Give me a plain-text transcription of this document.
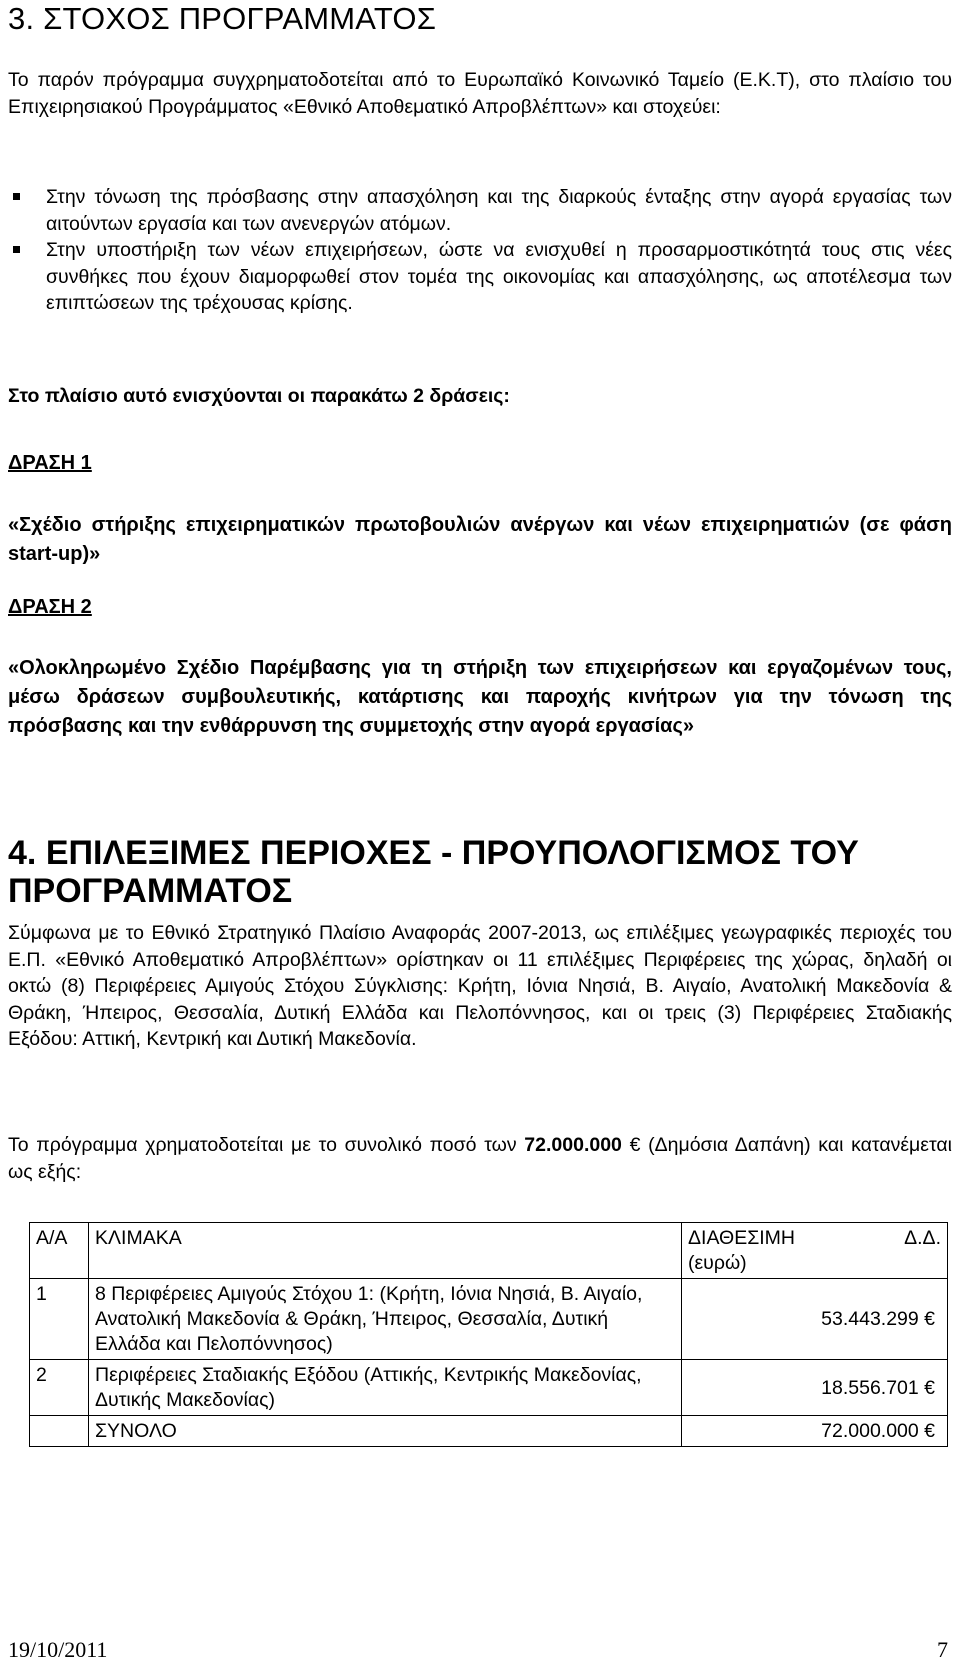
3. ΣΤΟΧΟΣ ΠΡΟΓΡΑΜΜΑΤΟΣ

Το παρόν πρόγραμμα συγχρηματοδοτείται από το Ευρωπαϊκό Κοινωνικό Ταμείο (Ε.Κ.Τ), στο πλαίσιο του Επιχειρησιακού Προγράμματος «Εθνικό Αποθεματικό Απροβλέπτων» και στοχεύει:

Στην τόνωση της πρόσβασης στην απασχόληση και της διαρκούς ένταξης στην αγορά εργασίας των αιτούντων εργασία και των ανενεργών ατόμων.
Στην υποστήριξη των νέων επιχειρήσεων, ώστε να ενισχυθεί η προσαρμοστικότητά τους στις νέες συνθήκες που έχουν διαμορφωθεί στον τομέα της οικονομίας και απασχόλησης, ως αποτέλεσμα των επιπτώσεων της τρέχουσας κρίσης.

Στο πλαίσιο αυτό ενισχύονται οι παρακάτω 2 δράσεις:

ΔΡΑΣΗ 1

«Σχέδιο στήριξης επιχειρηματικών πρωτοβουλιών ανέργων και νέων επιχειρηματιών (σε φάση start-up)»

ΔΡΑΣΗ 2

«Ολοκληρωμένο Σχέδιο Παρέμβασης για τη στήριξη των επιχειρήσεων και εργαζομένων τους, μέσω δράσεων συμβουλευτικής, κατάρτισης και παροχής κινήτρων για την τόνωση της πρόσβασης και την ενθάρρυνση της συμμετοχής στην αγορά εργασίας»

4. ΕΠΙΛΕΞΙΜΕΣ ΠΕΡΙΟΧΕΣ - ΠΡΟΥΠΟΛΟΓΙΣΜΟΣ ΤΟΥ ΠΡΟΓΡΑΜΜΑΤΟΣ

Σύμφωνα με το Εθνικό Στρατηγικό Πλαίσιο Αναφοράς 2007-2013, ως επιλέξιμες γεωγραφικές περιοχές του Ε.Π. «Εθνικό Αποθεματικό Απροβλέπτων» ορίστηκαν οι 11 επιλέξιμες Περιφέρειες της χώρας, δηλαδή οι οκτώ (8) Περιφέρειες Αμιγούς Στόχου Σύγκλισης: Κρήτη, Ιόνια Νησιά, Β. Αιγαίο, Ανατολική Μακεδονία & Θράκη, Ήπειρος, Θεσσαλία, Δυτική Ελλάδα και Πελοπόννησος, και οι τρεις (3) Περιφέρειες Σταδιακής Εξόδου: Αττική, Κεντρική και Δυτική Μακεδονία.

Το πρόγραμμα χρηματοδοτείται με το συνολικό ποσό των 72.000.000 € (Δημόσια Δαπάνη) και κατανέμεται ως εξής:

Α/Α	ΚΛΙΜΑΚΑ	ΔΙΑΘΕΣΙΜΗ Δ.Δ.
(ευρώ)

1	8 Περιφέρειες Αμιγούς Στόχου 1: (Κρήτη, Ιόνια Νησιά, Β. Αιγαίο, Ανατολική Μακεδονία & Θράκη, Ήπειρος, Θεσσαλία, Δυτική Ελλάδα και Πελοπόννησος)	53.443.299 €
2	Περιφέρειες Σταδιακής Εξόδου (Αττικής, Κεντρικής Μακεδονίας, Δυτικής Μακεδονίας)	18.556.701 €
	ΣΥΝΟΛΟ	72.000.000 €
19/10/2011	7
